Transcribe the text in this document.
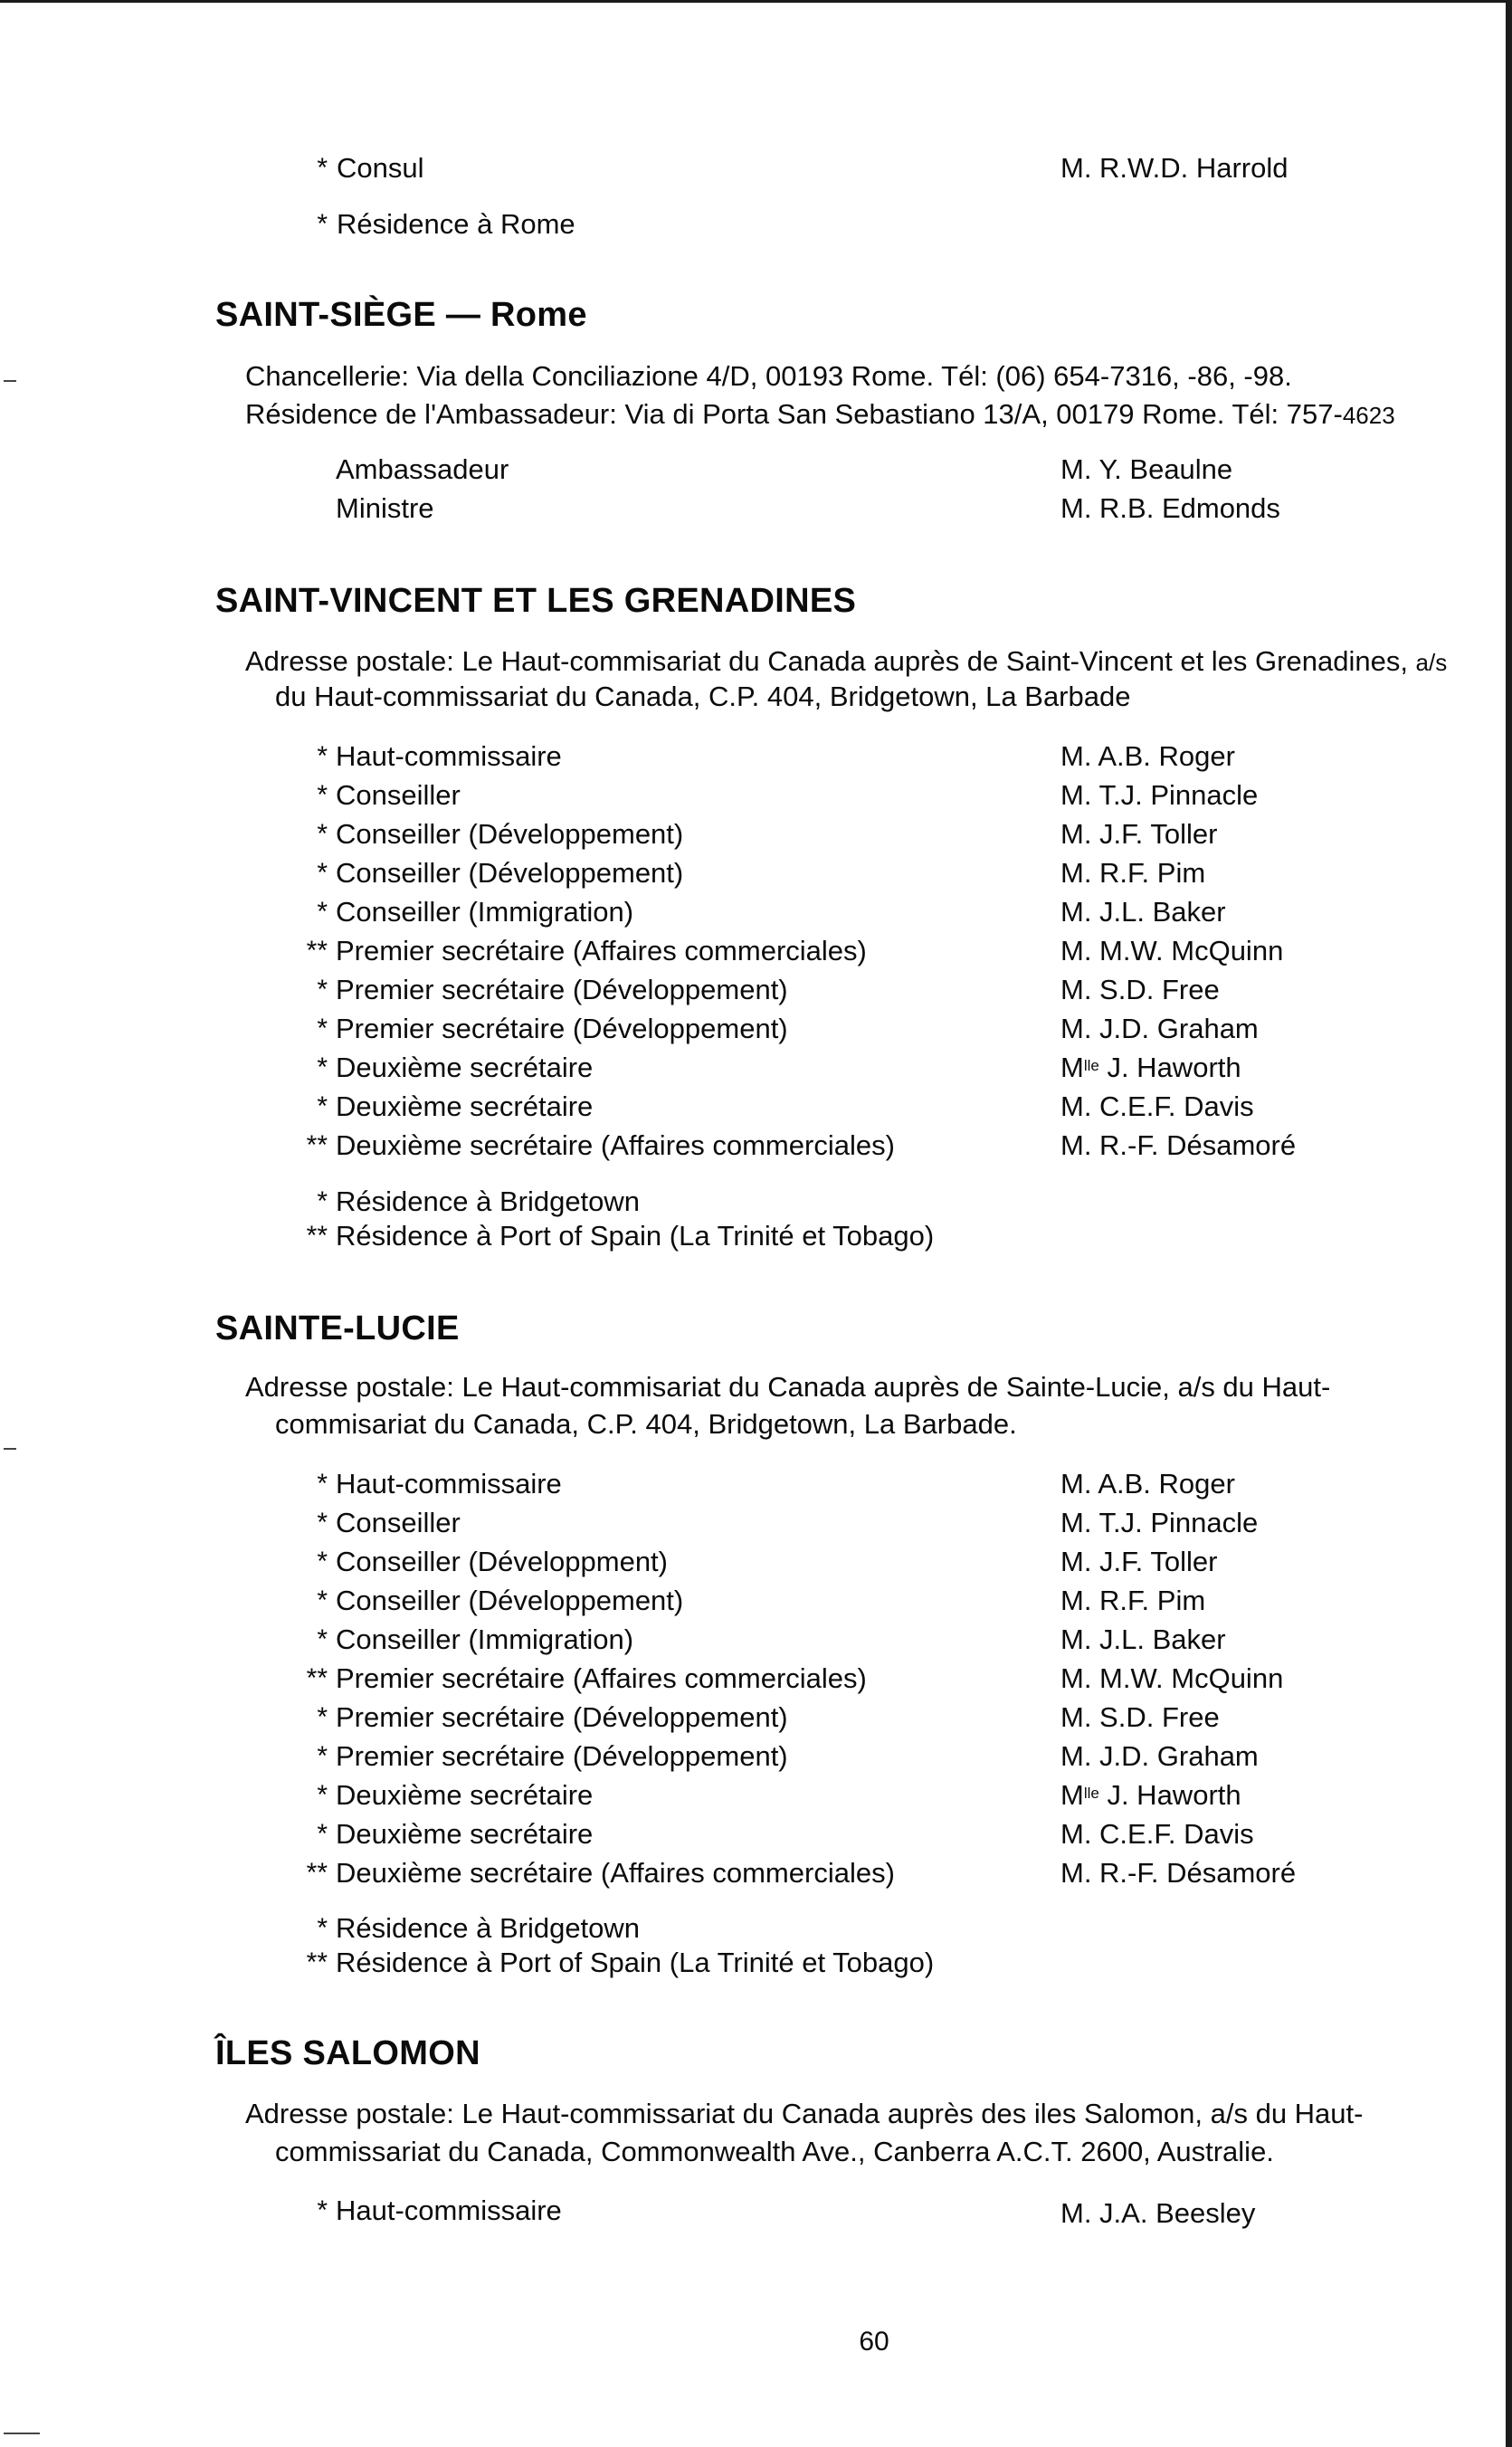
* Consul	M. R.W.D. Harrold
* Résidence à Rome
SAINT-SIÈGE — Rome
Chancellerie: Via della Conciliazione 4/D, 00193 Rome. Tél: (06) 654-7316, -86, -98.
Résidence de l'Ambassadeur: Via di Porta San Sebastiano 13/A, 00179 Rome. Tél: 757-4623
Ambassadeur	M. Y. Beaulne
Ministre	M. R.B. Edmonds
SAINT-VINCENT ET LES GRENADINES
Adresse postale: Le Haut-commisariat du Canada auprès de Saint-Vincent et les Grenadines, a/s
du Haut-commissariat du Canada, C.P. 404, Bridgetown, La Barbade
* Haut-commissaire	M. A.B. Roger
* Conseiller	M. T.J. Pinnacle
* Conseiller (Développement)	M. J.F. Toller
* Conseiller (Développement)	M. R.F. Pim
* Conseiller (Immigration)	M. J.L. Baker
** Premier secrétaire (Affaires commerciales)	M. M.W. McQuinn
* Premier secrétaire (Développement)	M. S.D. Free
* Premier secrétaire (Développement)	M. J.D. Graham
* Deuxième secrétaire	$M^{lle}$ J. Haworth
* Deuxième secrétaire	M. C.E.F. Davis
** Deuxième secrétaire (Affaires commerciales)	M. R.-F. Désamoré
* Résidence à Bridgetown
** Résidence à Port of Spain (La Trinité et Tobago)
SAINTE-LUCIE
Adresse postale: Le Haut-commisariat du Canada auprès de Sainte-Lucie, a/s du Haut-
commisariat du Canada, C.P. 404, Bridgetown, La Barbade.
* Haut-commissaire	M. A.B. Roger
* Conseiller	M. T.J. Pinnacle
* Conseiller (Développment)	M. J.F. Toller
* Conseiller (Développement)	M. R.F. Pim
* Conseiller (Immigration)	M. J.L. Baker
** Premier secrétaire (Affaires commerciales)	M. M.W. McQuinn
* Premier secrétaire (Développement)	M. S.D. Free
* Premier secrétaire (Développement)	M. J.D. Graham
* Deuxième secrétaire	$M^{lle}$ J. Haworth
* Deuxième secrétaire	M. C.E.F. Davis
** Deuxième secrétaire (Affaires commerciales)	M. R.-F. Désamoré
* Résidence à Bridgetown
** Résidence à Port of Spain (La Trinité et Tobago)
ÎLES SALOMON
Adresse postale: Le Haut-commissariat du Canada auprès des iles Salomon, a/s du Haut-
commissariat du Canada, Commonwealth Ave., Canberra A.C.T. 2600, Australie.
* Haut-commissaire	M. J.A. Beesley
60
